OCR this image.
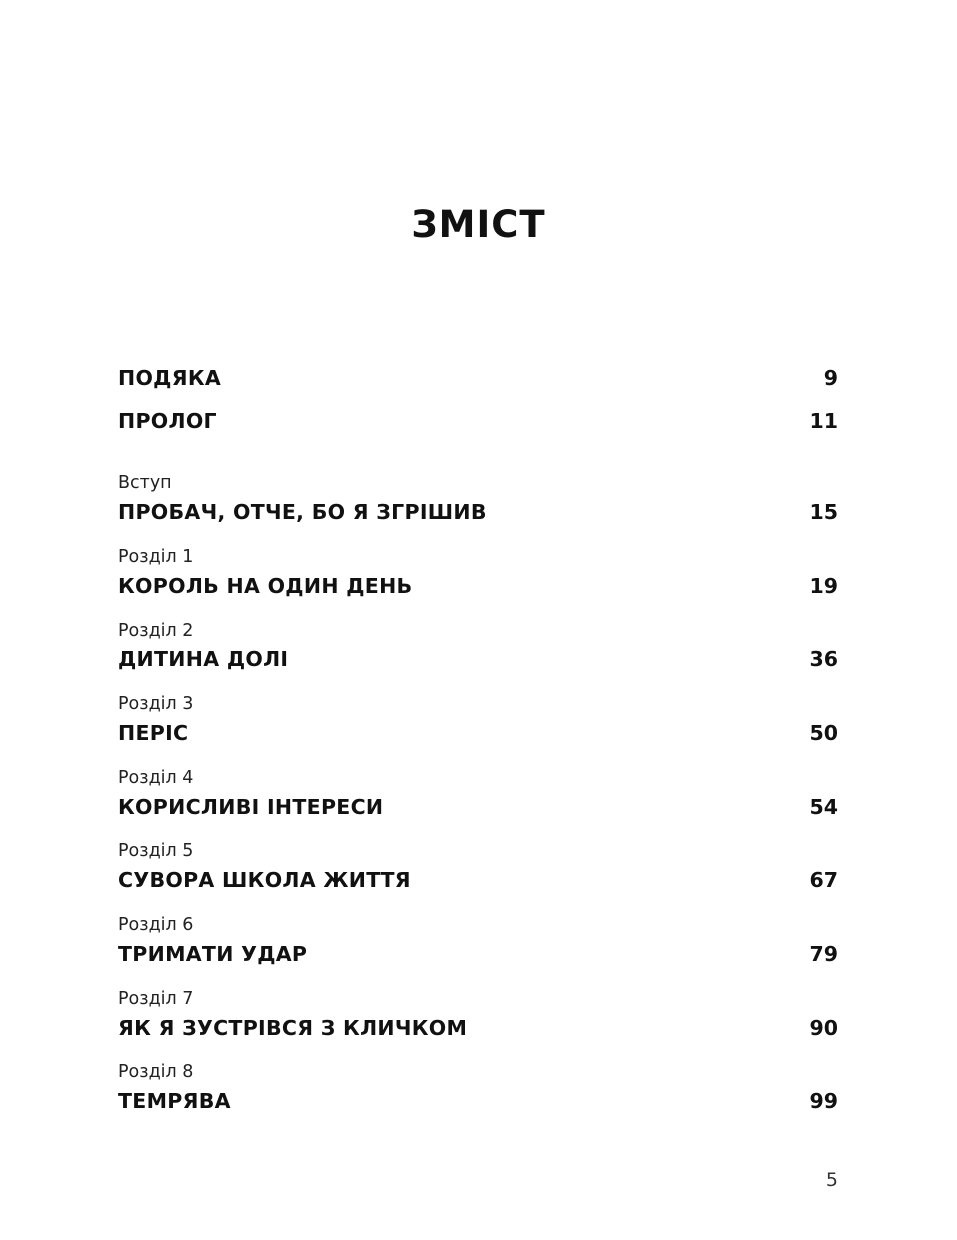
ЗМІСТ
ПОДЯКА	9
ПРОЛОГ	11
Вступ
ПРОБАЧ, ОТЧЕ, БО Я ЗГРІШИВ	15
Розділ 1
КОРОЛЬ НА ОДИН ДЕНЬ	19
Розділ 2
ДИТИНА ДОЛІ	36
Розділ 3
ПЕРІС	50
Розділ 4
КОРИСЛИВІ ІНТЕРЕСИ	54
Розділ 5
СУВОРА ШКОЛА ЖИТТЯ	67
Розділ 6
ТРИМАТИ УДАР	79
Розділ 7
ЯК Я ЗУСТРІВСЯ З КЛИЧКОМ	90
Розділ 8
ТЕМРЯВА	99
5
